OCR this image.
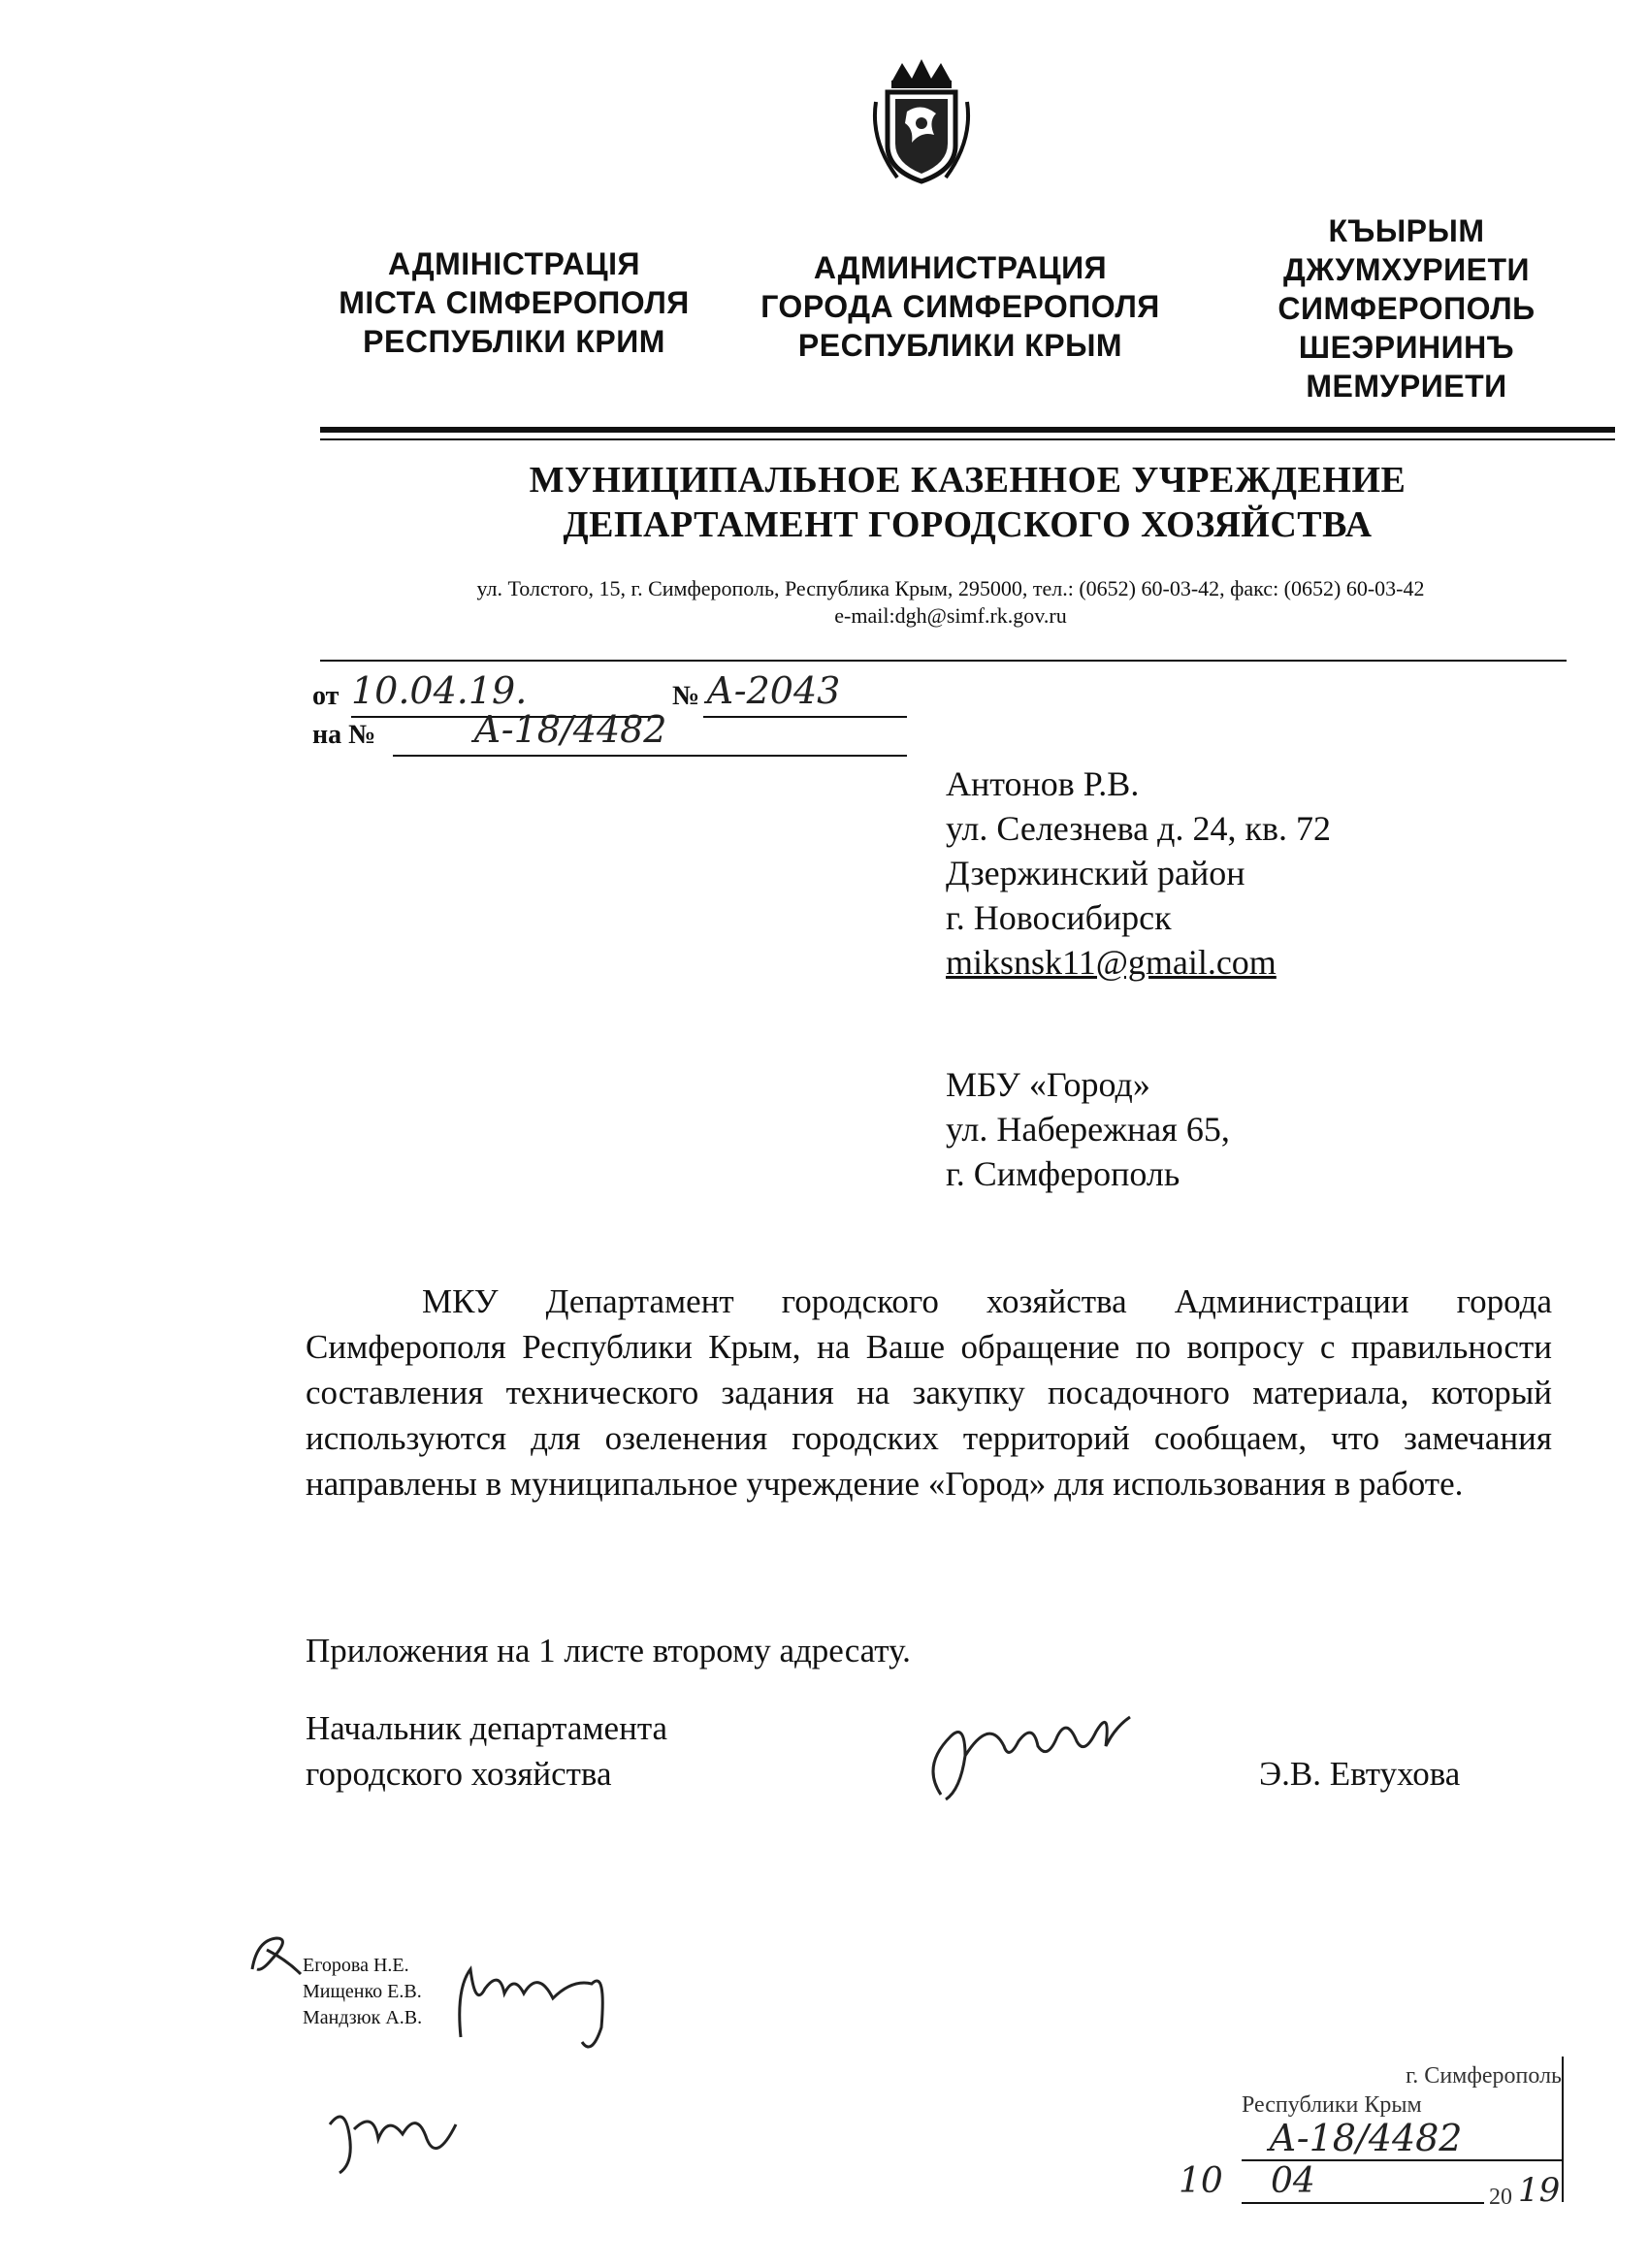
АДМІНІСТРАЦІЯ
МІСТА СІМФЕРОПОЛЯ
РЕСПУБЛІКИ КРИМ
АДМИНИСТРАЦИЯ
ГОРОДА СИМФЕРОПОЛЯ
РЕСПУБЛИКИ КРЫМ
КЪЫРЫМ
ДЖУМХУРИЕТИ
СИМФЕРОПОЛЬ
ШЕЭРИНИНЪ
МЕМУРИЕТИ
МУНИЦИПАЛЬНОЕ КАЗЕННОЕ УЧРЕЖДЕНИЕ
ДЕПАРТАМЕНТ ГОРОДСКОГО ХОЗЯЙСТВА
ул. Толстого, 15, г. Симферополь, Республика Крым, 295000, тел.: (0652) 60-03-42, факс: (0652) 60-03-42
e-mail:dgh@simf.rk.gov.ru
от 10.04.19.	№ А-2043
на №	А-18/4482
Антонов Р.В.
ул. Селезнева д. 24, кв. 72
Дзержинский район
г. Новосибирск
miksnsk11@gmail.com
МБУ «Город»
ул. Набережная 65,
г. Симферополь

МКУ Департамент городского хозяйства Администрации города Симферополя Республики Крым, на Ваше обращение по вопросу с правильности составления технического задания на закупку посадочного материала, который используются для озеленения городских территорий сообщаем, что замечания направлены в муниципальное учреждение «Город» для использования в работе.

Приложения на 1 листе второму адресату.
Начальник департамента
городского хозяйства	Э.В. Евтухова
Егорова Н.Е.
Мищенко Е.В.
Мандзюк А.В.
г. Симферополь
Республики Крым
А-18/4482
10 04	20 19
